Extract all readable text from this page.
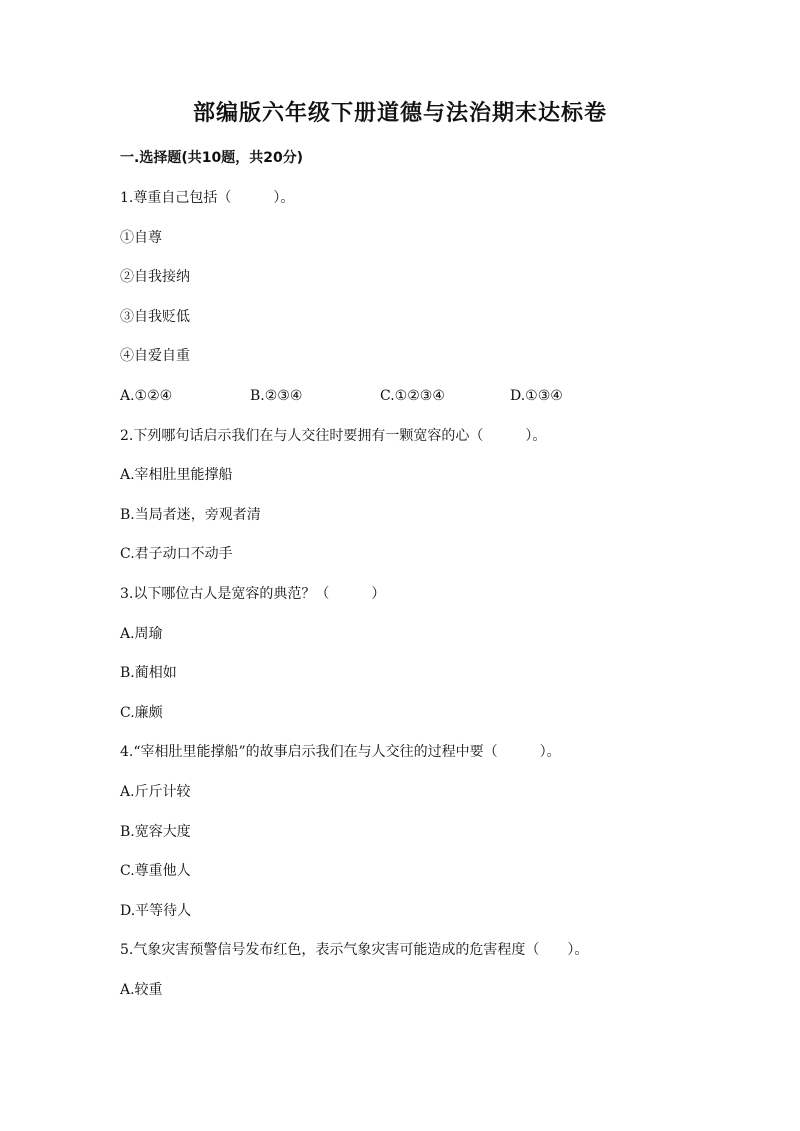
部编版六年级下册道德与法治期末达标卷
一.选择题(共10题，共20分)
1.尊重自己包括（　　　）。
①自尊
②自我接纳
③自我贬低
④自爱自重
A.①②④	B.②③④	C.①②③④	D.①③④
2.下列哪句话启示我们在与人交往时要拥有一颗宽容的心（　　　）。
A.宰相肚里能撑船
B.当局者迷，旁观者清
C.君子动口不动手
3.以下哪位古人是宽容的典范？（　　　）
A.周瑜
B.蔺相如
C.廉颇
4.“宰相肚里能撑船”的故事启示我们在与人交往的过程中要（　　　）。
A.斤斤计较
B.宽容大度
C.尊重他人
D.平等待人
5.气象灾害预警信号发布红色，表示气象灾害可能造成的危害程度（　　）。
A.较重
